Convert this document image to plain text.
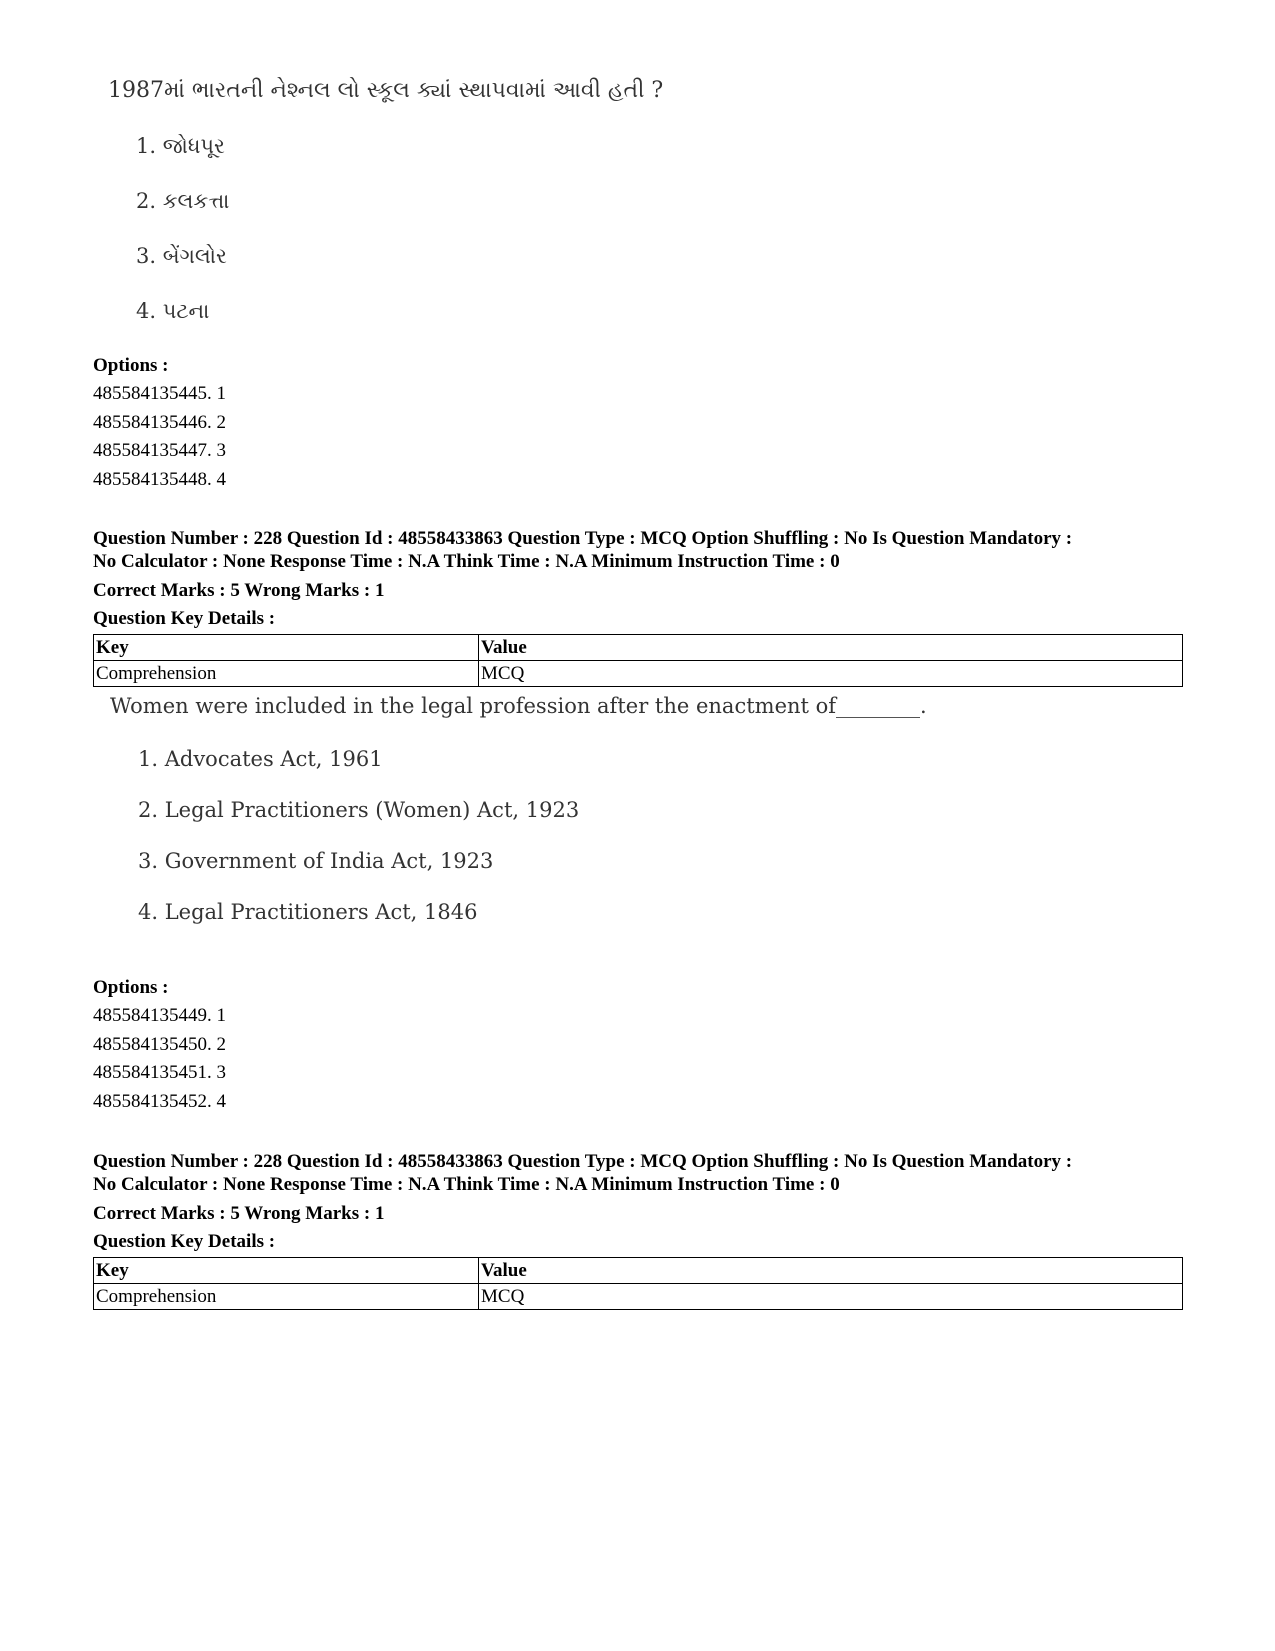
1987માં ભારતની નેશ્નલ લો સ્કૂલ ક્યાં સ્થાપવામાં આવી હતી ?
1. જોધપૂર
2. કલકત્તા
3. બેંગલોર
4. પટના
Options :
485584135445. 1
485584135446. 2
485584135447. 3
485584135448. 4
Question Number : 228 Question Id : 48558433863 Question Type : MCQ Option Shuffling : No Is Question Mandatory :
No Calculator : None Response Time : N.A Think Time : N.A Minimum Instruction Time : 0
Correct Marks : 5 Wrong Marks : 1
Question Key Details :
Key	Value
Comprehension	MCQ
Women were included in the legal profession after the enactment of________.
1. Advocates Act, 1961
2. Legal Practitioners (Women) Act, 1923
3. Government of India Act, 1923
4. Legal Practitioners Act, 1846
Options :
485584135449. 1
485584135450. 2
485584135451. 3
485584135452. 4
Question Number : 228 Question Id : 48558433863 Question Type : MCQ Option Shuffling : No Is Question Mandatory :
No Calculator : None Response Time : N.A Think Time : N.A Minimum Instruction Time : 0
Correct Marks : 5 Wrong Marks : 1
Question Key Details :
Key	Value
Comprehension	MCQ
